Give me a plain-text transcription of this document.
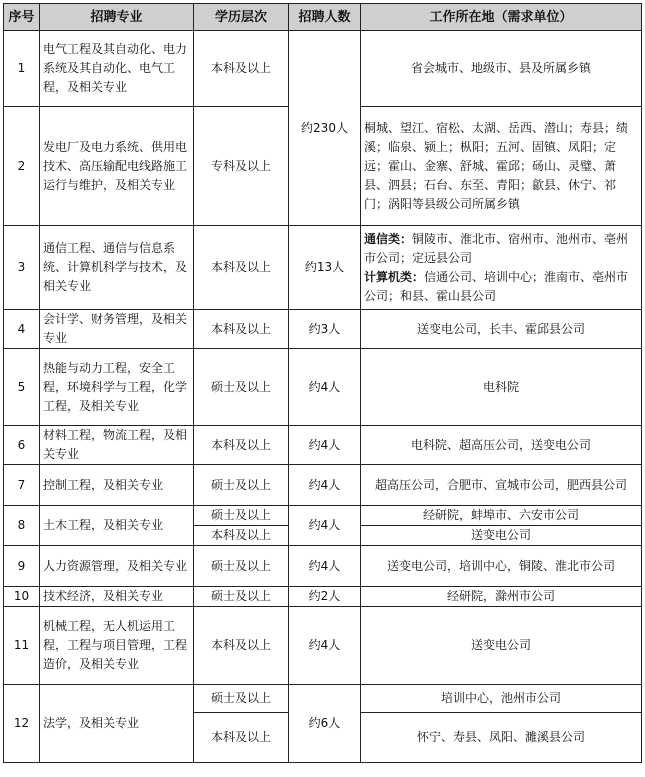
序号	招聘专业	学历层次	招聘人数	工作所在地（需求单位）
1	电气工程及其自动化、电力系统及其自动化、电气工程，及相关专业	本科及以上	约230人	省会城市、地级市、县及所属乡镇
2	发电厂及电力系统、供用电技术、高压输配电线路施工运行与维护，及相关专业	专科及以上		桐城、望江、宿松、太湖、岳西、潜山；寿县；绩溪；临泉、颍上；枞阳；五河、固镇、凤阳；定远；霍山、金寨、舒城、霍邱；砀山、灵璧、萧县、泗县；石台、东至、青阳；歙县、休宁、祁门；涡阳等县级公司所属乡镇
3	通信工程、通信与信息系统、计算机科学与技术，及相关专业	本科及以上	约13人	通信类：铜陵市、淮北市、宿州市、池州市、亳州市公司；定远县公司
计算机类：信通公司、培训中心；淮南市、亳州市公司；和县、霍山县公司
4	会计学、财务管理，及相关专业	本科及以上	约3人	送变电公司，长丰、霍邱县公司
5	热能与动力工程，安全工程，环境科学与工程，化学工程，及相关专业	硕士及以上	约4人	电科院
6	材料工程，物流工程，及相关专业	本科及以上	约4人	电科院、超高压公司，送变电公司
7	控制工程，及相关专业	硕士及以上	约4人	超高压公司，合肥市、宣城市公司，肥西县公司
8	土木工程，及相关专业	硕士及以上	约4人	经研院，蚌埠市、六安市公司
		本科及以上		送变电公司
9	人力资源管理，及相关专业	硕士及以上	约4人	送变电公司，培训中心，铜陵、淮北市公司
10	技术经济，及相关专业	硕士及以上	约2人	经研院，滁州市公司
11	机械工程，无人机运用工程，工程与项目管理，工程造价，及相关专业	本科及以上	约4人	送变电公司
12	法学，及相关专业	硕士及以上	约6人	培训中心，池州市公司
		本科及以上		怀宁、寿县、凤阳、濉溪县公司
